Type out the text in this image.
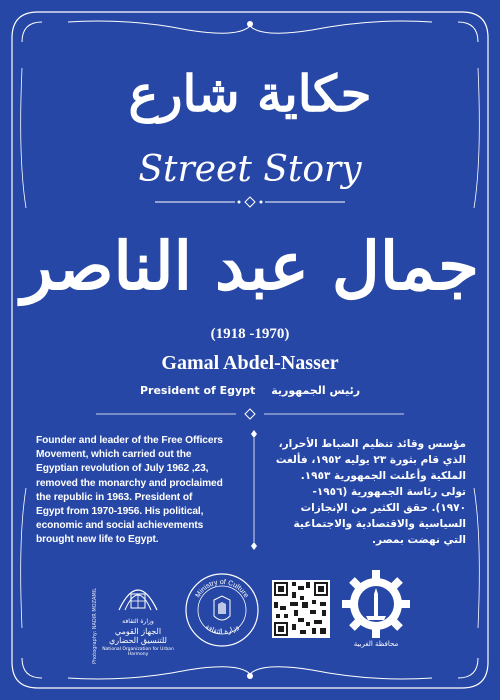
حكاية شارع
Street Story
جمال عبد الناصر
(1918 -1970)
Gamal Abdel-Nasser
President of Egypt رئيس الجمهورية
Founder and leader of the Free Officers
Movement, which carried out the
Egyptian revolution of July 1962 ,23,
removed the monarchy and proclaimed
the republic in 1963. President of
Egypt from 1970-1956. His political,
economic and social achievements
brought new life to Egypt.
مؤسس وقائد تنظيم الضباط الأحرار،
الذي قام بثورة ٢٣ يوليه ١٩٥٢، فألغت
الملكية وأعلنت الجمهورية ١٩٥٣.
تولى رئاسة الجمهورية (١٩٥٦-
١٩٧٠). حقق الكثير من الإنجازات
السياسية والاقتصادية والاجتماعية
التي نهضت بمصر.
Photography: NADIR MOZAMIL	وزارة الثقافة
الجهاز القومي للتنسيق الحضاري
National Organization for Urban Harmony
Ministry of Culture
وزارة الثقافة
محافظة الغربية
